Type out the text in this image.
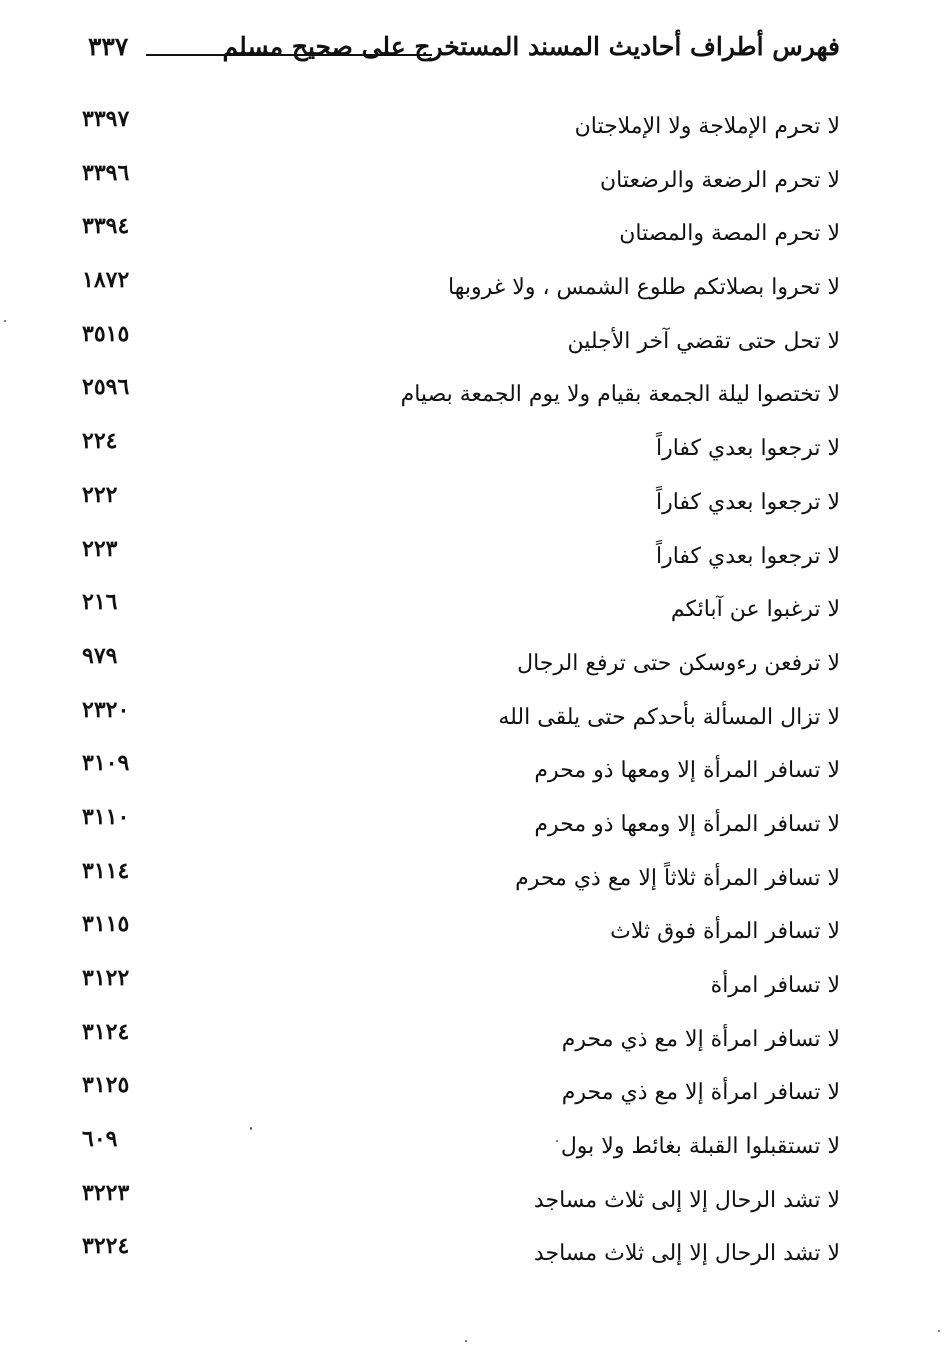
٣٣٧	فهرس أطراف أحاديث المسند المستخرج على صحيح مسلم
لا تحرم الإملاجة ولا الإملاجتان
٣٣٩٧
لا تحرم الرضعة والرضعتان
٣٣٩٦
لا تحرم المصة والمصتان
٣٣٩٤
لا تحروا بصلاتكم طلوع الشمس ، ولا غروبها
١٨٧٢
لا تحل حتى تقضي آخر الأجلين
٣٥١٥
لا تختصوا ليلة الجمعة بقيام ولا يوم الجمعة بصيام
٢٥٩٦
لا ترجعوا بعدي كفاراً
٢٢٤
لا ترجعوا بعدي كفاراً
٢٢٢
لا ترجعوا بعدي كفاراً
٢٢٣
لا ترغبوا عن آبائكم
٢١٦
لا ترفعن رءوسكن حتى ترفع الرجال
٩٧٩
لا تزال المسألة بأحدكم حتى يلقى الله
٢٣٢٠
لا تسافر المرأة إلا ومعها ذو محرم
٣١٠٩
لا تسافر المرأة إلا ومعها ذو محرم
٣١١٠
لا تسافر المرأة ثلاثاً إلا مع ذي محرم
٣١١٤
لا تسافر المرأة فوق ثلاث
٣١١٥
لا تسافر امرأة
٣١٢٢
لا تسافر امرأة إلا مع ذي محرم
٣١٢٤
لا تسافر امرأة إلا مع ذي محرم
٣١٢٥
لا تستقبلوا القبلة بغائط ولا بول
٦٠٩
لا تشد الرحال إلا إلى ثلاث مساجد
٣٢٢٣
لا تشد الرحال إلا إلى ثلاث مساجد
٣٢٢٤
